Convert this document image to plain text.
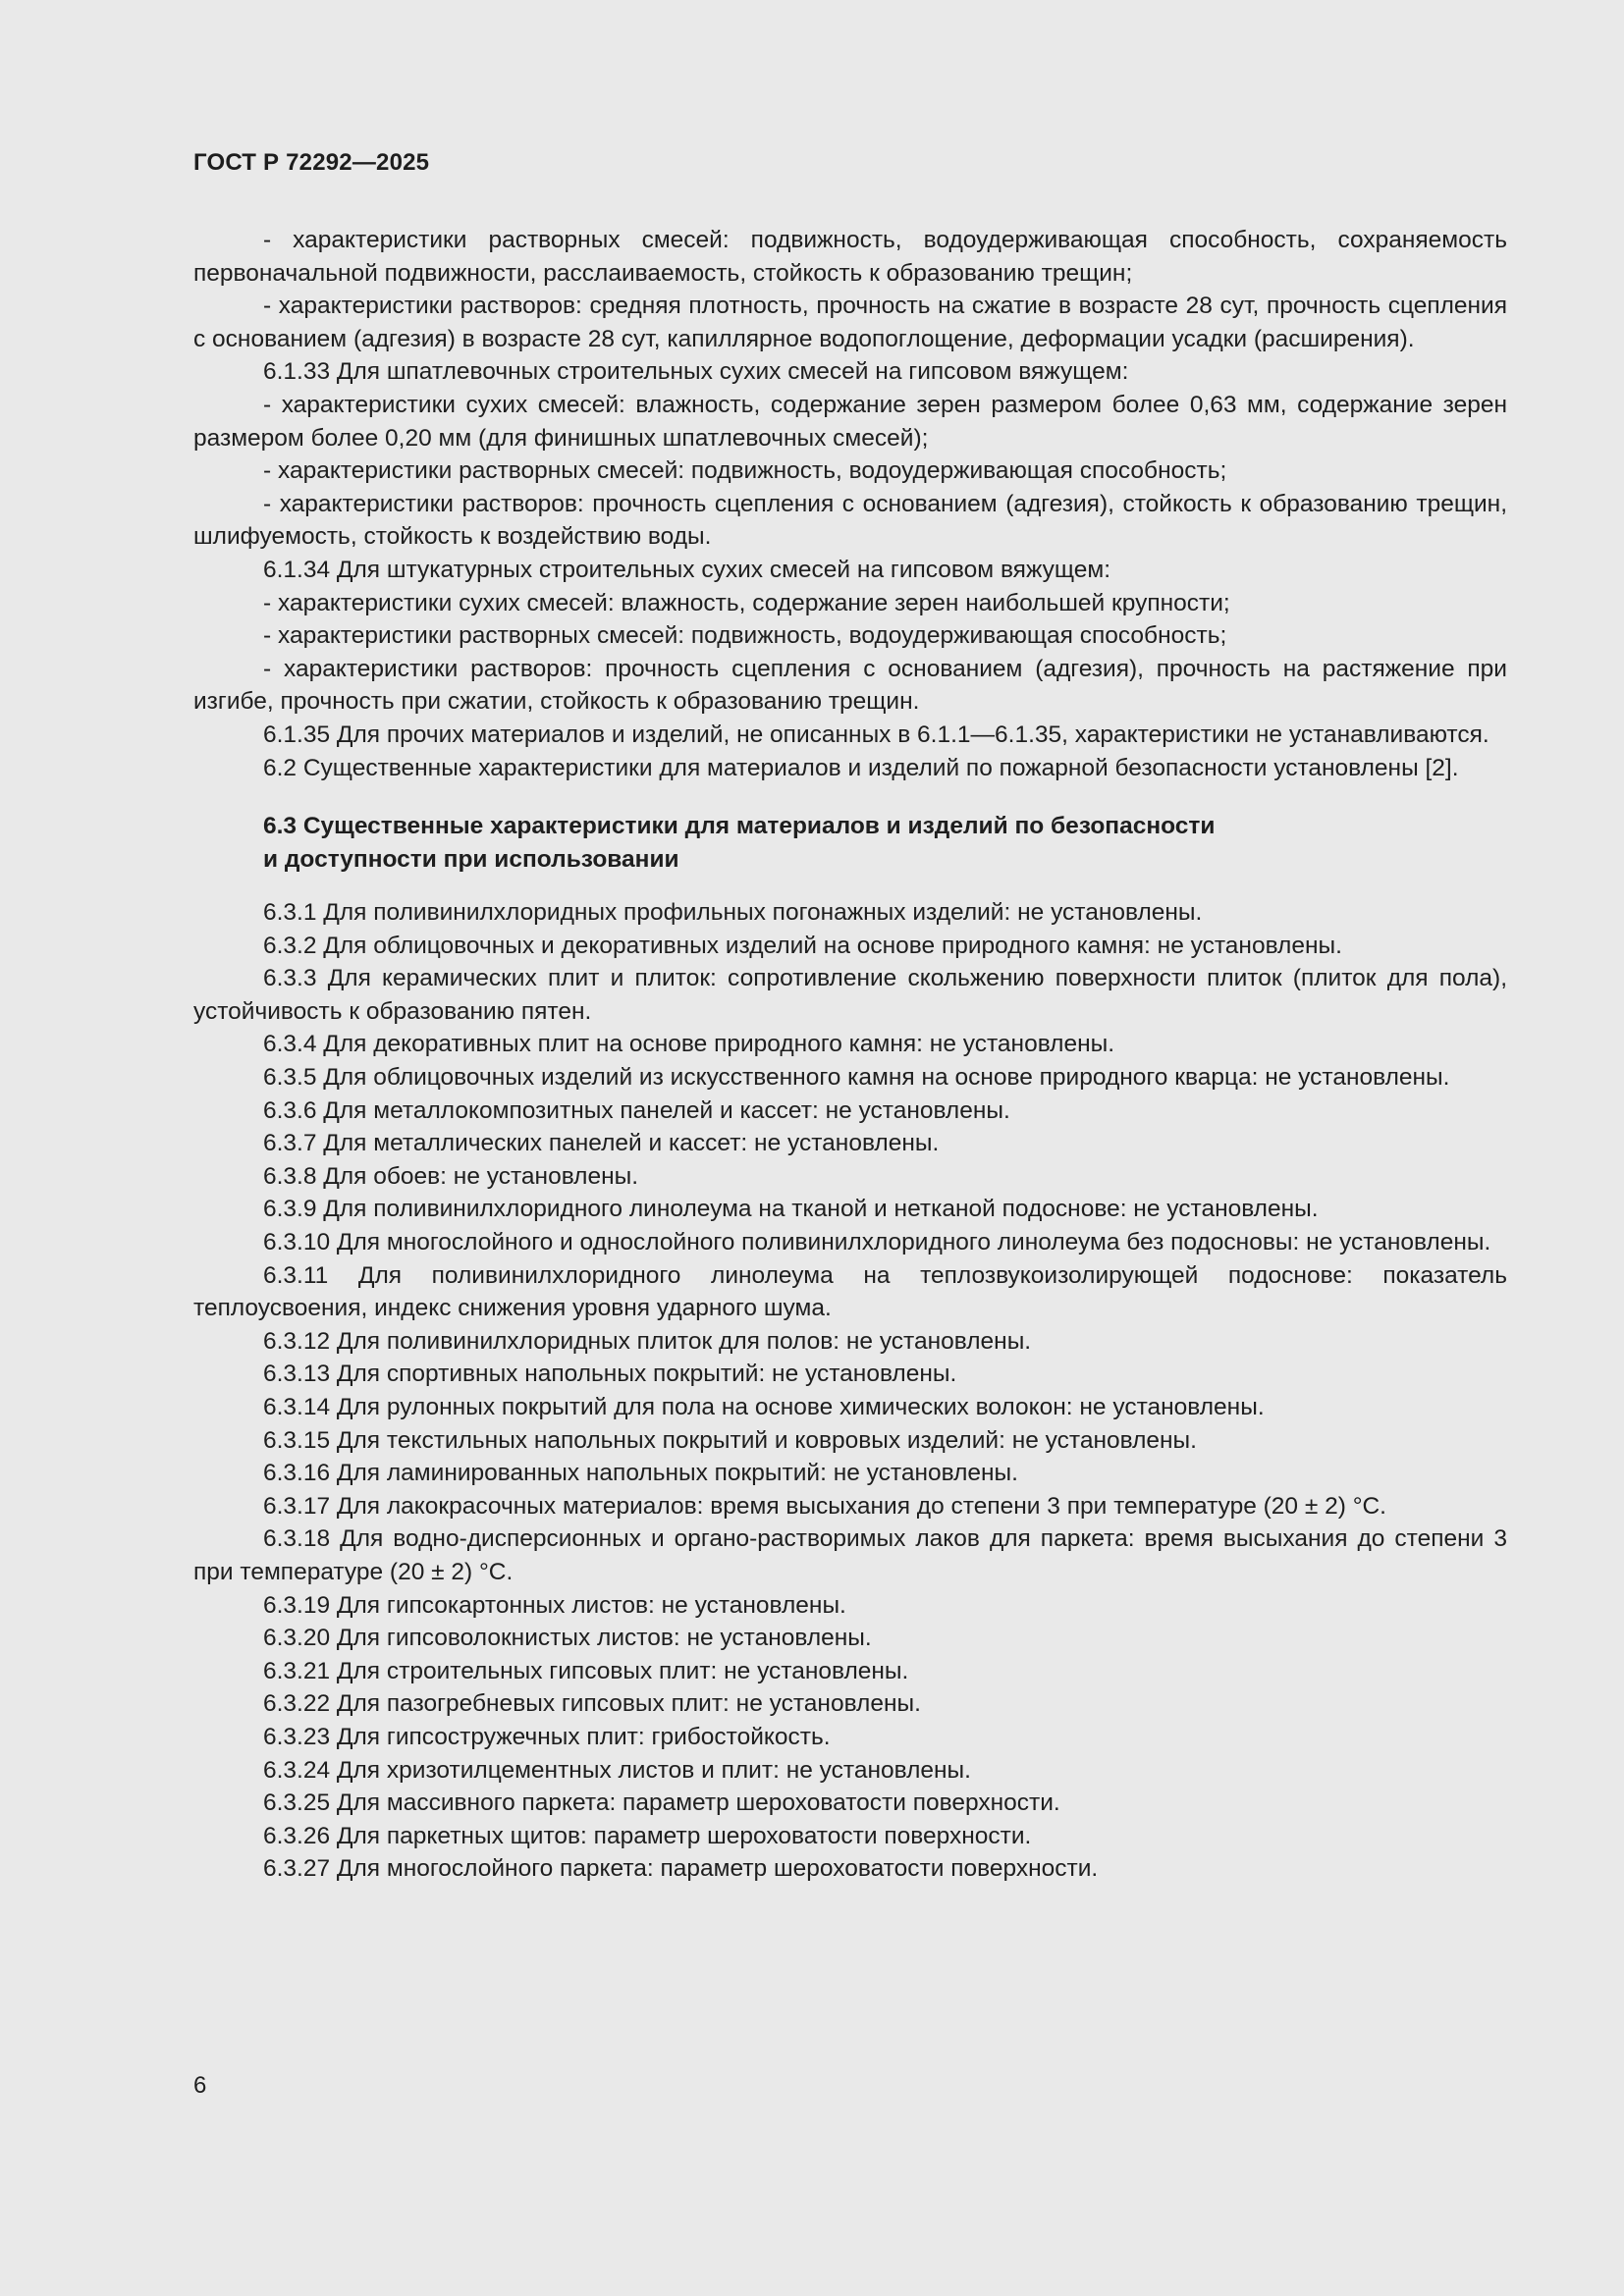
ГОСТ Р 72292—2025

- характеристики растворных смесей: подвижность, водоудерживающая способность, сохраняемость первоначальной подвижности, расслаиваемость, стойкость к образованию трещин;

- характеристики растворов: средняя плотность, прочность на сжатие в возрасте 28 сут, прочность сцепления с основанием (адгезия) в возрасте 28 сут, капиллярное водопоглощение, деформации усадки (расширения).

6.1.33 Для шпатлевочных строительных сухих смесей на гипсовом вяжущем:

- характеристики сухих смесей: влажность, содержание зерен размером более 0,63 мм, содержание зерен размером более 0,20 мм (для финишных шпатлевочных смесей);

- характеристики растворных смесей: подвижность, водоудерживающая способность;

- характеристики растворов: прочность сцепления с основанием (адгезия), стойкость к образованию трещин, шлифуемость, стойкость к воздействию воды.

6.1.34 Для штукатурных строительных сухих смесей на гипсовом вяжущем:

- характеристики сухих смесей: влажность, содержание зерен наибольшей крупности;

- характеристики растворных смесей: подвижность, водоудерживающая способность;

- характеристики растворов: прочность сцепления с основанием (адгезия), прочность на растяжение при изгибе, прочность при сжатии, стойкость к образованию трещин.

6.1.35 Для прочих материалов и изделий, не описанных в 6.1.1—6.1.35, характеристики не устанавливаются.

6.2 Существенные характеристики для материалов и изделий по пожарной безопасности установлены [2].

6.3 Существенные характеристики для материалов и изделий по безопасности
и доступности при использовании

6.3.1 Для поливинилхлоридных профильных погонажных изделий: не установлены.

6.3.2 Для облицовочных и декоративных изделий на основе природного камня: не установлены.

6.3.3 Для керамических плит и плиток: сопротивление скольжению поверхности плиток (плиток для пола), устойчивость к образованию пятен.

6.3.4 Для декоративных плит на основе природного камня: не установлены.

6.3.5 Для облицовочных изделий из искусственного камня на основе природного кварца: не установлены.

6.3.6 Для металлокомпозитных панелей и кассет: не установлены.

6.3.7 Для металлических панелей и кассет: не установлены.

6.3.8 Для обоев: не установлены.

6.3.9 Для поливинилхлоридного линолеума на тканой и нетканой подоснове: не установлены.

6.3.10 Для многослойного и однослойного поливинилхлоридного линолеума без подосновы: не установлены.

6.3.11 Для поливинилхлоридного линолеума на теплозвукоизолирующей подоснове: показатель теплоусвоения, индекс снижения уровня ударного шума.

6.3.12 Для поливинилхлоридных плиток для полов: не установлены.

6.3.13 Для спортивных напольных покрытий: не установлены.

6.3.14 Для рулонных покрытий для пола на основе химических волокон: не установлены.

6.3.15 Для текстильных напольных покрытий и ковровых изделий: не установлены.

6.3.16 Для ламинированных напольных покрытий: не установлены.

6.3.17 Для лакокрасочных материалов: время высыхания до степени 3 при температуре (20 ± 2) °С.

6.3.18 Для водно-дисперсионных и органо-растворимых лаков для паркета: время высыхания до степени 3 при температуре (20 ± 2) °С.

6.3.19 Для гипсокартонных листов: не установлены.

6.3.20 Для гипсоволокнистых листов: не установлены.

6.3.21 Для строительных гипсовых плит: не установлены.

6.3.22 Для пазогребневых гипсовых плит: не установлены.

6.3.23 Для гипсостружечных плит: грибостойкость.

6.3.24 Для хризотилцементных листов и плит: не установлены.

6.3.25 Для массивного паркета: параметр шероховатости поверхности.

6.3.26 Для паркетных щитов: параметр шероховатости поверхности.

6.3.27 Для многослойного паркета: параметр шероховатости поверхности.

6
